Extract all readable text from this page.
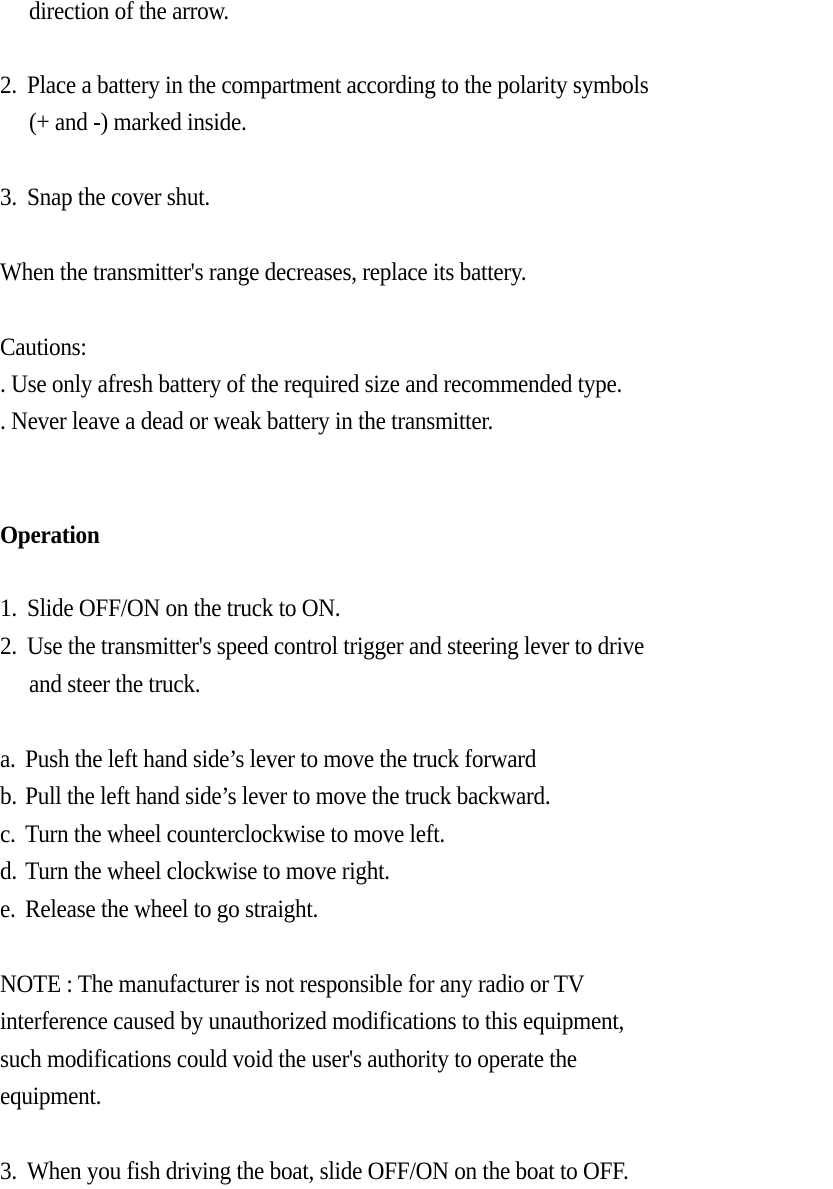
direction of the arrow.
2. Place a battery in the compartment according to the polarity symbols
(+ and -) marked inside.
3. Snap the cover shut.
When the transmitter's range decreases, replace its battery.
Cautions:
. Use only afresh battery of the required size and recommended type.
. Never leave a dead or weak battery in the transmitter.
Operation
1. Slide OFF/ON on the truck to ON.
2. Use the transmitter's speed control trigger and steering lever to drive
and steer the truck.
a. Push the left hand side’s lever to move the truck forward
b. Pull the left hand side’s lever to move the truck backward.
c. Turn the wheel counterclockwise to move left.
d. Turn the wheel clockwise to move right.
e. Release the wheel to go straight.
NOTE : The manufacturer is not responsible for any radio or TV
interference caused by unauthorized modifications to this equipment,
such modifications could void the user's authority to operate the
equipment.
3. When you fish driving the boat, slide OFF/ON on the boat to OFF.
